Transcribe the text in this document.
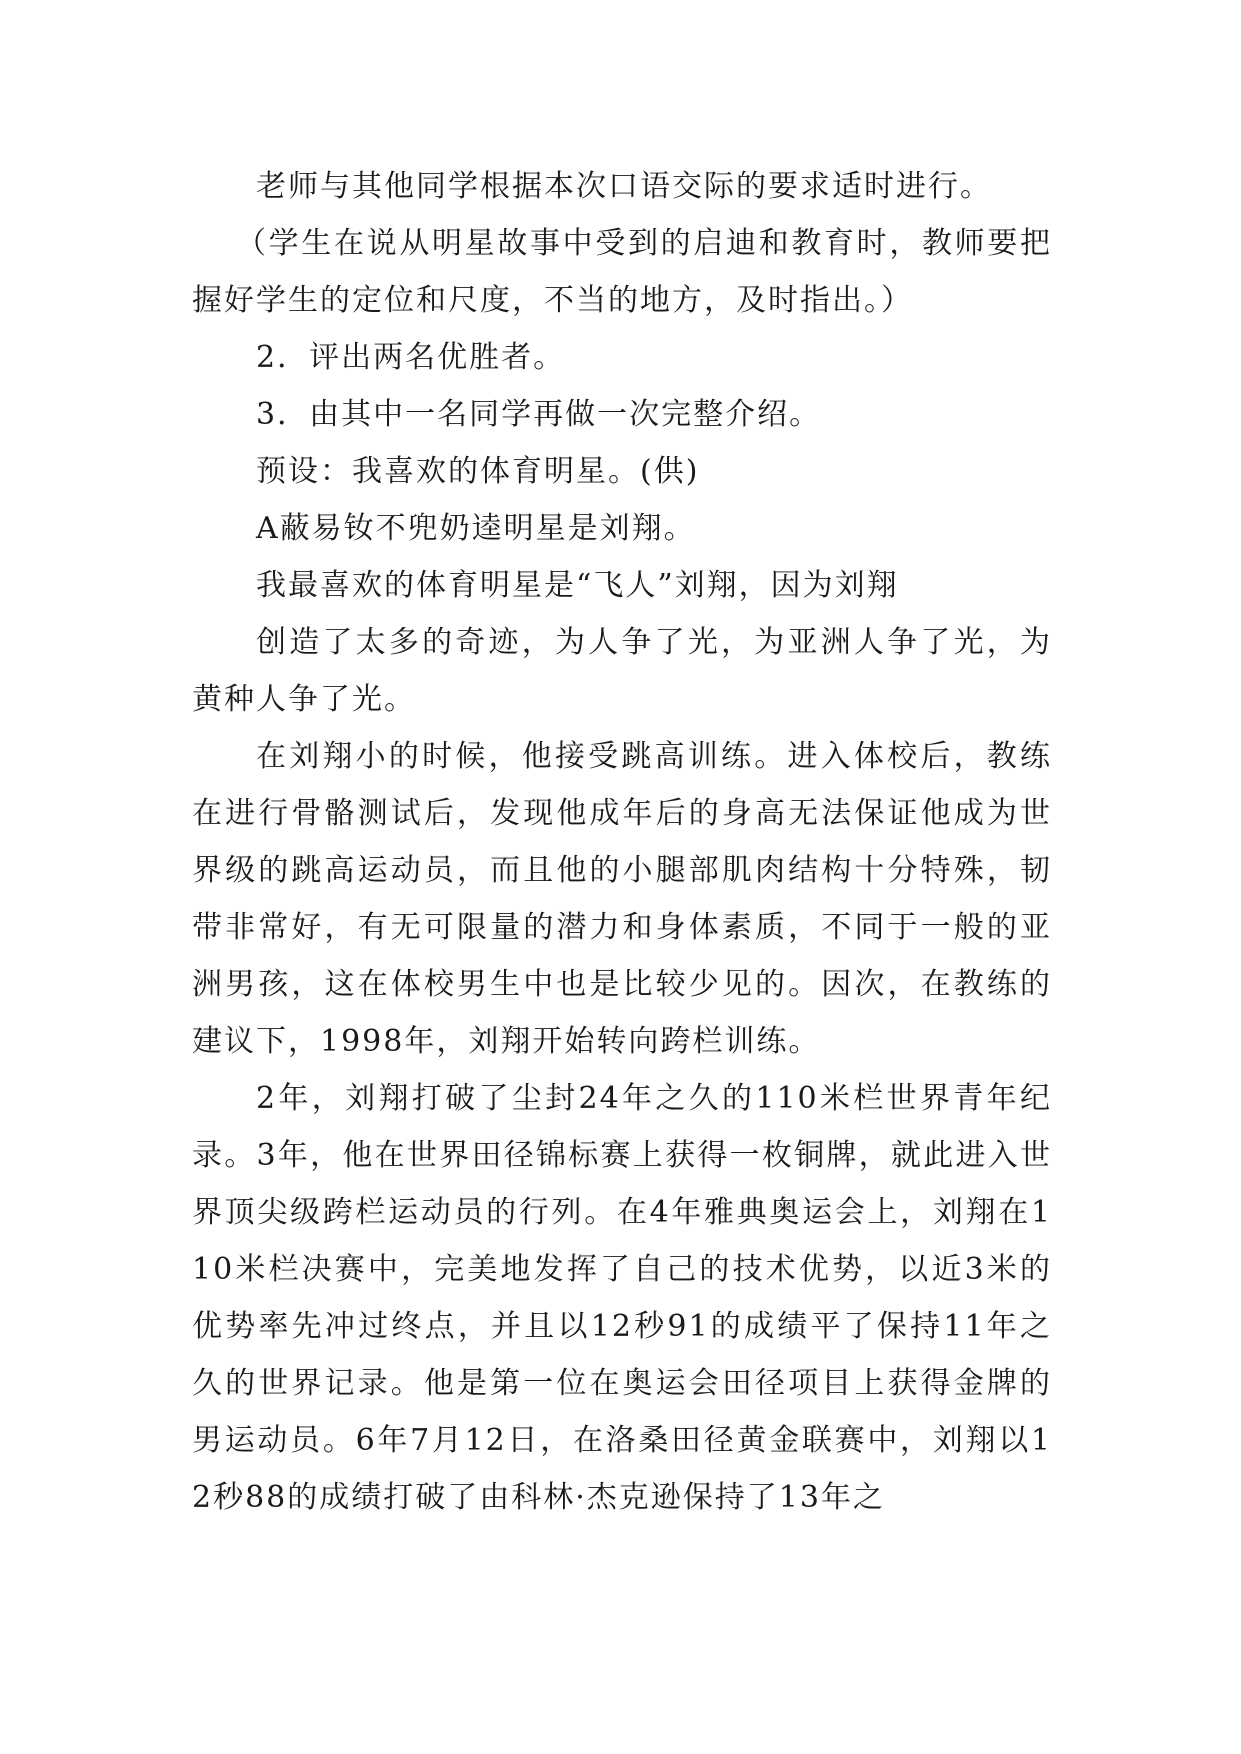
老师与其他同学根据本次口语交际的要求适时进行。

（学生在说从明星故事中受到的启迪和教育时，教师要把握好学生的定位和尺度，不当的地方，及时指出。）

2．评出两名优胜者。

3．由其中一名同学再做一次完整介绍。

预设：我喜欢的体育明星。(供)

A蔽易钕不兜奶逵明星是刘翔。

我最喜欢的体育明星是“飞人”刘翔，因为刘翔

创造了太多的奇迹，为人争了光，为亚洲人争了光，为黄种人争了光。

在刘翔小的时候，他接受跳高训练。进入体校后，教练在进行骨骼测试后，发现他成年后的身高无法保证他成为世界级的跳高运动员，而且他的小腿部肌肉结构十分特殊，韧带非常好，有无可限量的潜力和身体素质，不同于一般的亚洲男孩，这在体校男生中也是比较少见的。因次，在教练的建议下，1998年，刘翔开始转向跨栏训练。

2年，刘翔打破了尘封24年之久的110米栏世界青年纪录。3年，他在世界田径锦标赛上获得一枚铜牌，就此进入世界顶尖级跨栏运动员的行列。在4年雅典奥运会上，刘翔在110米栏决赛中，完美地发挥了自己的技术优势，以近3米的优势率先冲过终点，并且以12秒91的成绩平了保持11年之久的世界记录。他是第一位在奥运会田径项目上获得金牌的男运动员。6年7月12日，在洛桑田径黄金联赛中，刘翔以12秒88的成绩打破了由科林·杰克逊保持了13年之
